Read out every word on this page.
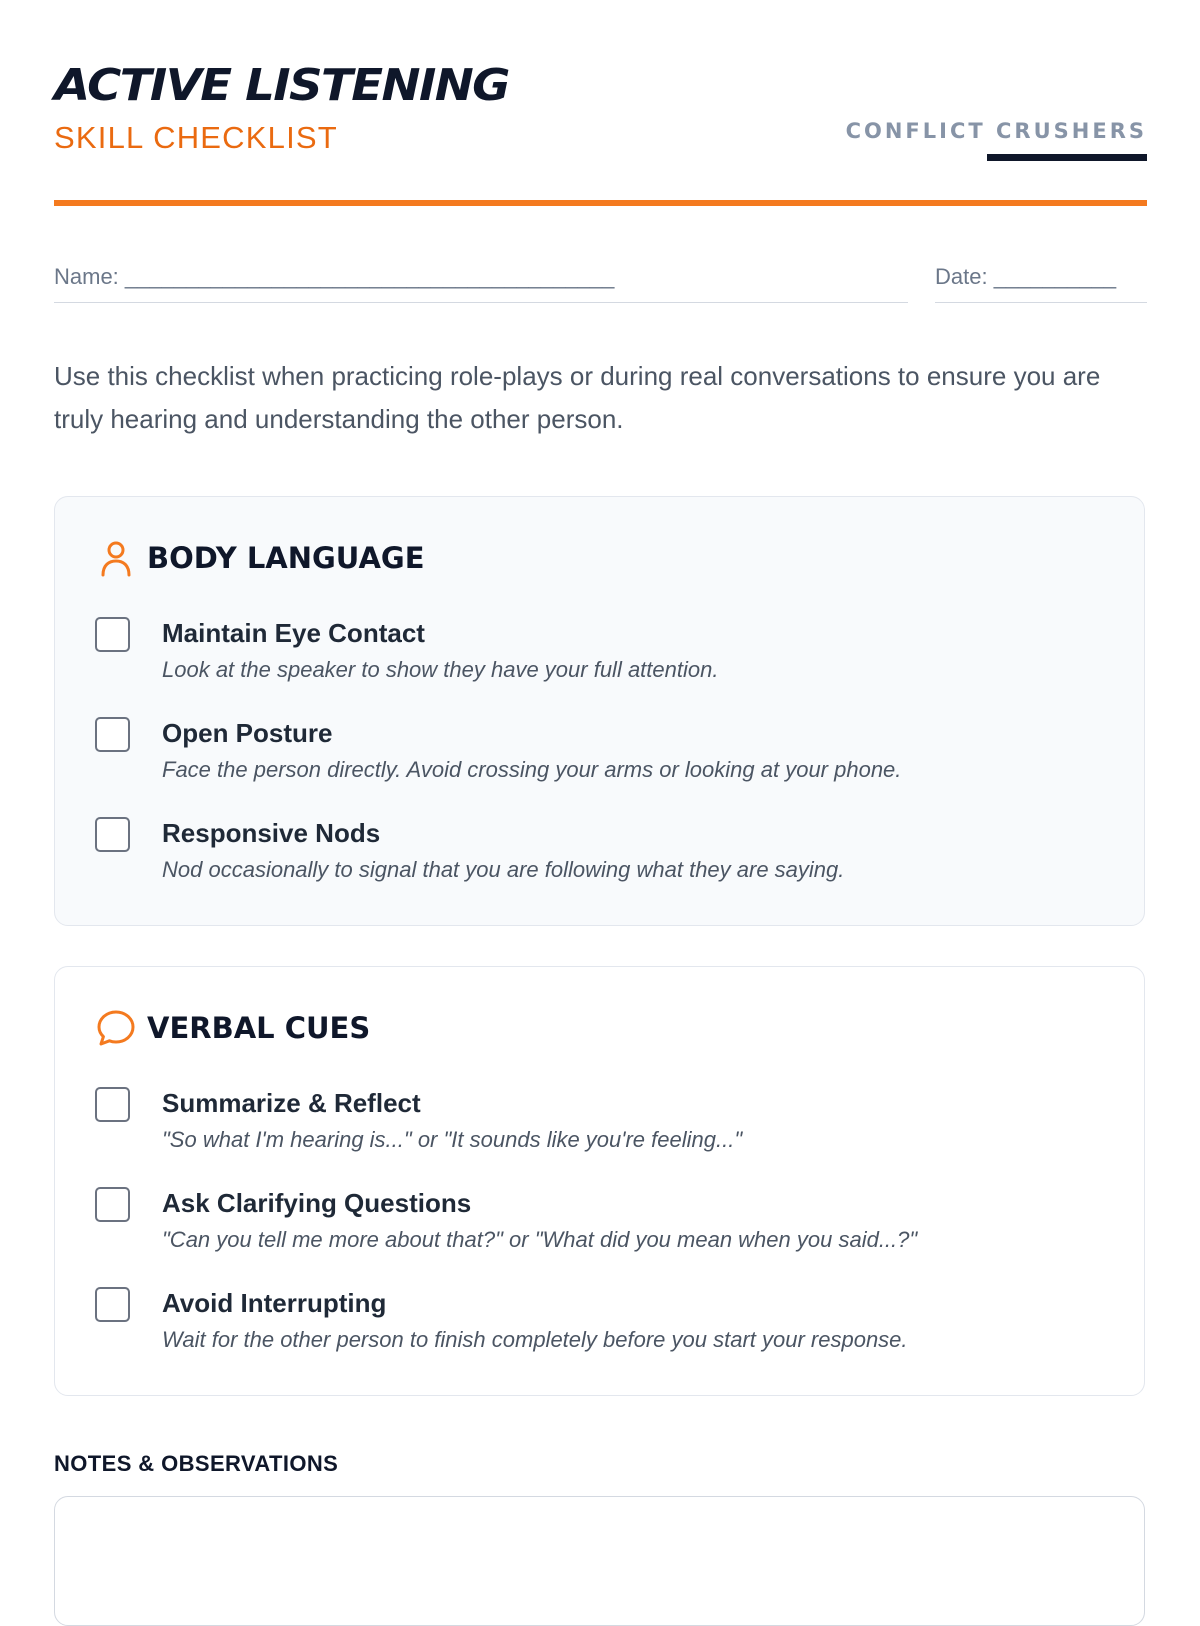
ACTIVE LISTENING
SKILL CHECKLIST	CONFLICT CRUSHERS
Name: ________________________________________	Date: __________

Use this checklist when practicing role-plays or during real conversations to ensure you are truly hearing and understanding the other person.

BODY LANGUAGE
Maintain Eye Contact
Look at the speaker to show they have your full attention.
Open Posture
Face the person directly. Avoid crossing your arms or looking at your phone.
Responsive Nods
Nod occasionally to signal that you are following what they are saying.
VERBAL CUES
Summarize & Reflect
"So what I'm hearing is..." or "It sounds like you're feeling..."
Ask Clarifying Questions
"Can you tell me more about that?" or "What did you mean when you said...?"
Avoid Interrupting
Wait for the other person to finish completely before you start your response.
NOTES & OBSERVATIONS
